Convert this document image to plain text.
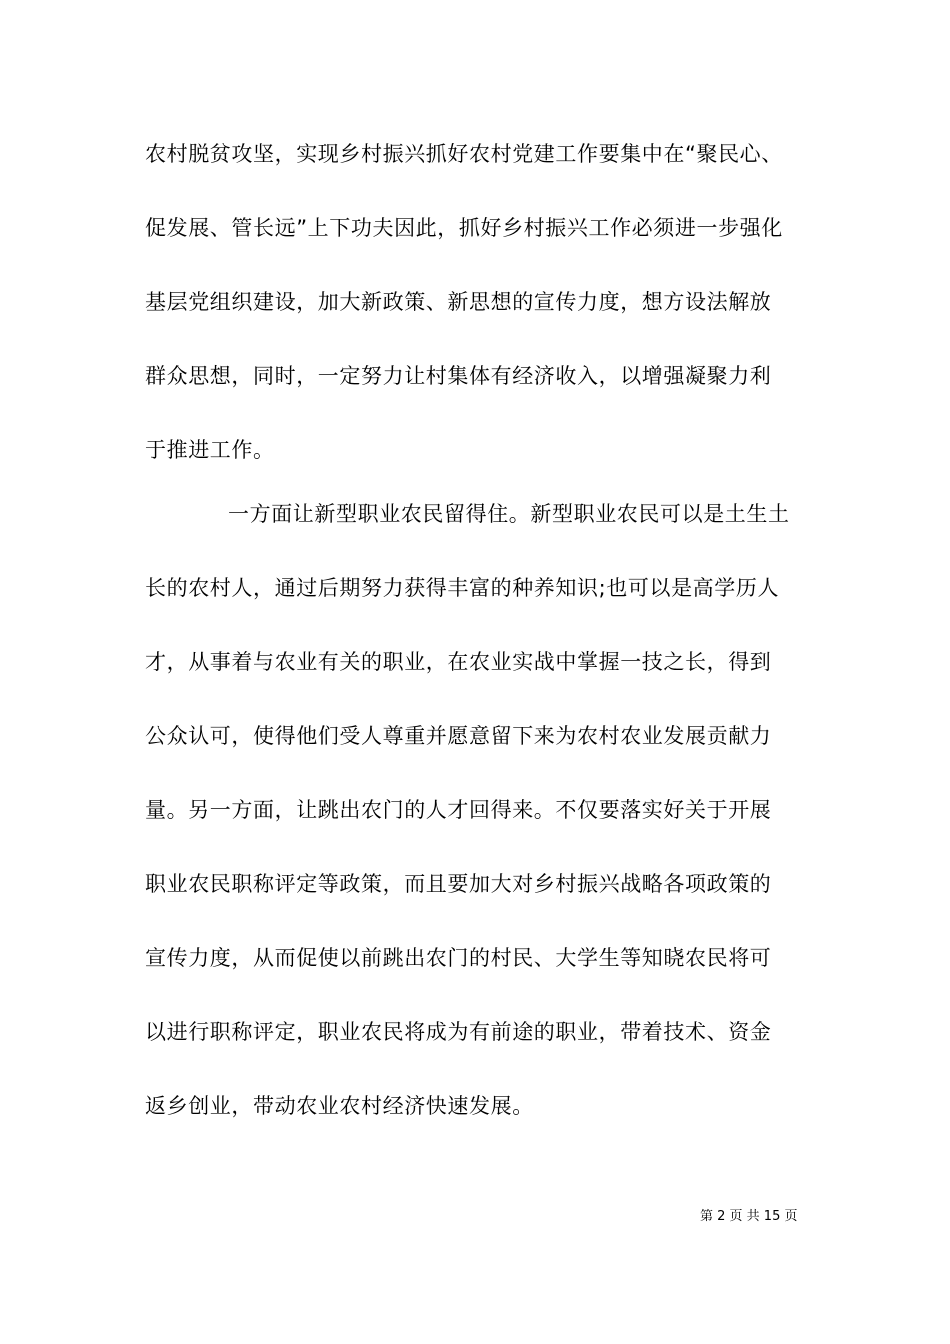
农村脱贫攻坚，实现乡村振兴抓好农村党建工作要集中在“聚民心、
促发展、管长远”上下功夫因此，抓好乡村振兴工作必须进一步强化
基层党组织建设，加大新政策、新思想的宣传力度，想方设法解放
群众思想，同时，一定努力让村集体有经济收入，以增强凝聚力利
于推进工作。
一方面让新型职业农民留得住。新型职业农民可以是土生土
长的农村人，通过后期努力获得丰富的种养知识;也可以是高学历人
才，从事着与农业有关的职业，在农业实战中掌握一技之长，得到
公众认可，使得他们受人尊重并愿意留下来为农村农业发展贡献力
量。另一方面，让跳出农门的人才回得来。不仅要落实好关于开展
职业农民职称评定等政策，而且要加大对乡村振兴战略各项政策的
宣传力度，从而促使以前跳出农门的村民、大学生等知晓农民将可
以进行职称评定，职业农民将成为有前途的职业，带着技术、资金
返乡创业，带动农业农村经济快速发展。
第 2 页 共 15 页
